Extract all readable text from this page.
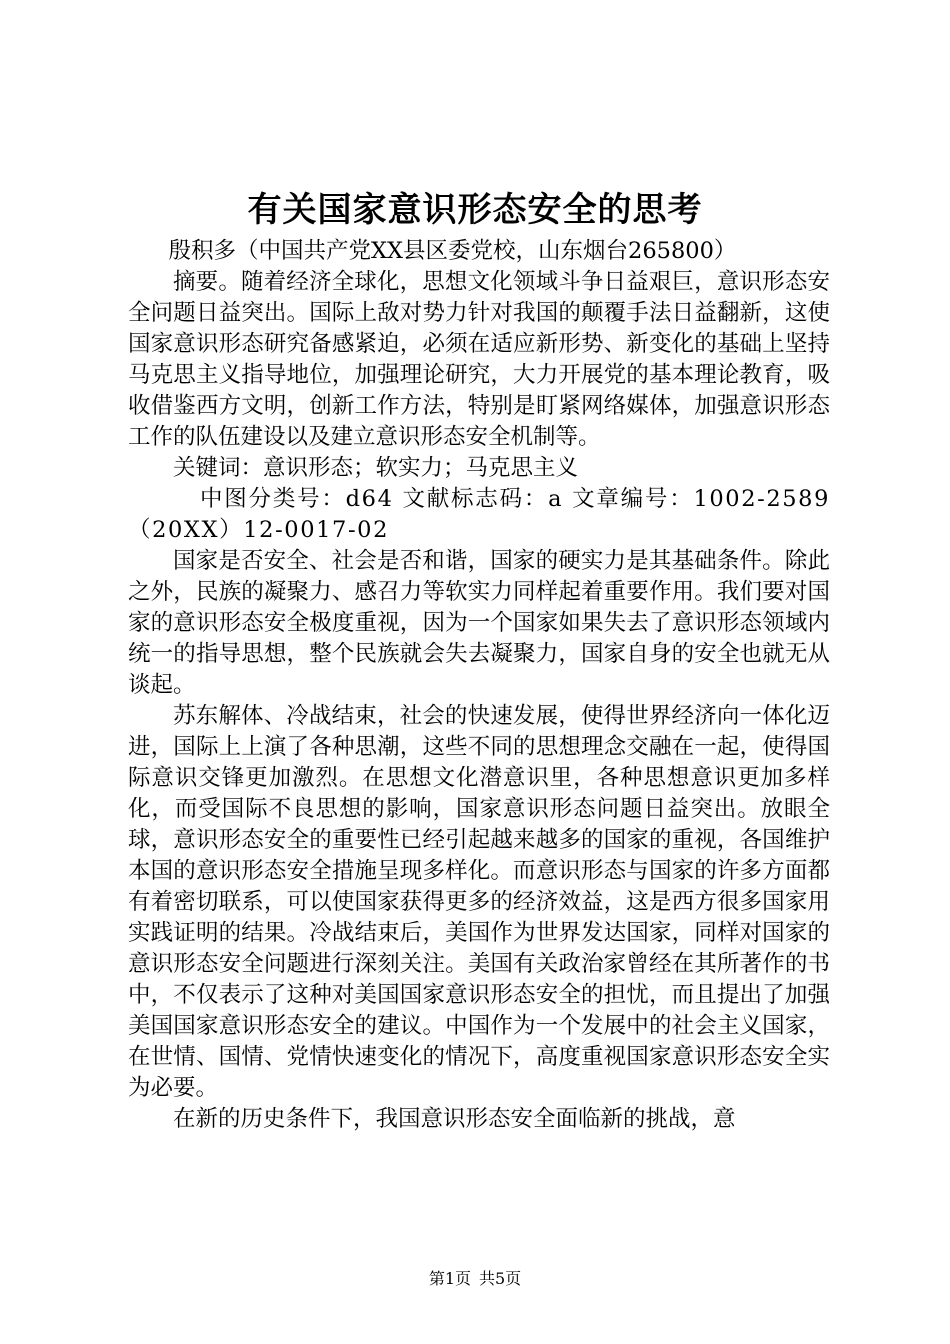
有关国家意识形态安全的思考

殷积多（中国共产党XX县区委党校，山东烟台265800）

摘要。随着经济全球化，思想文化领域斗争日益艰巨，意识形态安全问题日益突出。国际上敌对势力针对我国的颠覆手法日益翻新，这使国家意识形态研究备感紧迫，必须在适应新形势、新变化的基础上坚持马克思主义指导地位，加强理论研究，大力开展党的基本理论教育，吸收借鉴西方文明，创新工作方法，特别是盯紧网络媒体，加强意识形态工作的队伍建设以及建立意识形态安全机制等。

关键词：意识形态；软实力；马克思主义

中图分类号：d64 文献标志码：a 文章编号：1002-2589（20XX）12-0017-02

国家是否安全、社会是否和谐，国家的硬实力是其基础条件。除此之外，民族的凝聚力、感召力等软实力同样起着重要作用。我们要对国家的意识形态安全极度重视，因为一个国家如果失去了意识形态领域内统一的指导思想，整个民族就会失去凝聚力，国家自身的安全也就无从谈起。

苏东解体、冷战结束，社会的快速发展，使得世界经济向一体化迈进，国际上上演了各种思潮，这些不同的思想理念交融在一起，使得国际意识交锋更加激烈。在思想文化潜意识里，各种思想意识更加多样化，而受国际不良思想的影响，国家意识形态问题日益突出。放眼全球，意识形态安全的重要性已经引起越来越多的国家的重视，各国维护本国的意识形态安全措施呈现多样化。而意识形态与国家的许多方面都有着密切联系，可以使国家获得更多的经济效益，这是西方很多国家用实践证明的结果。冷战结束后，美国作为世界发达国家，同样对国家的意识形态安全问题进行深刻关注。美国有关政治家曾经在其所著作的书中，不仅表示了这种对美国国家意识形态安全的担忧，而且提出了加强美国国家意识形态安全的建议。中国作为一个发展中的社会主义国家，在世情、国情、党情快速变化的情况下，高度重视国家意识形态安全实为必要。

在新的历史条件下，我国意识形态安全面临新的挑战，意

第1页 共5页
